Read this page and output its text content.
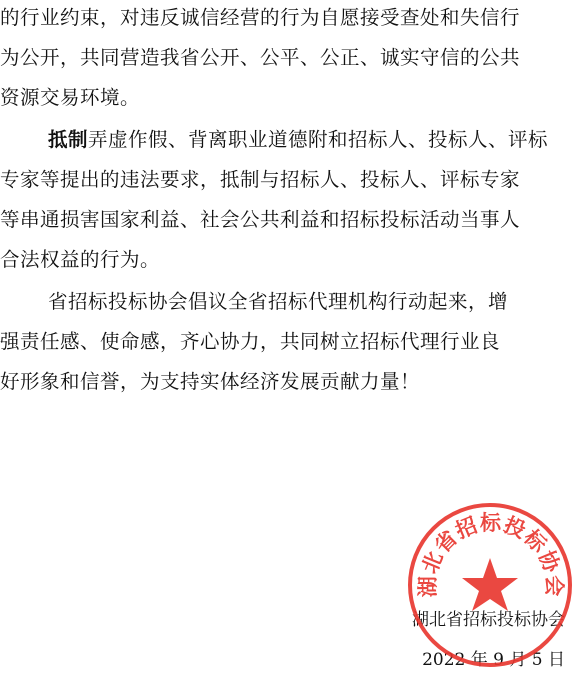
的行业约束，对违反诚信经营的行为自愿接受查处和失信行
为公开，共同营造我省公开、公平、公正、诚实守信的公共
资源交易环境。
抵制弄虚作假、背离职业道德附和招标人、投标人、评标
专家等提出的违法要求，抵制与招标人、投标人、评标专家
等串通损害国家利益、社会公共利益和招标投标活动当事人
合法权益的行为。
省招标投标协会倡议全省招标代理机构行动起来，增
强责任感、使命感，齐心协力，共同树立招标代理行业良
好形象和信誉，为支持实体经济发展贡献力量！
湖北省招标投标协会
2022 年 9 月 5 日
湖北省招标投标协会
